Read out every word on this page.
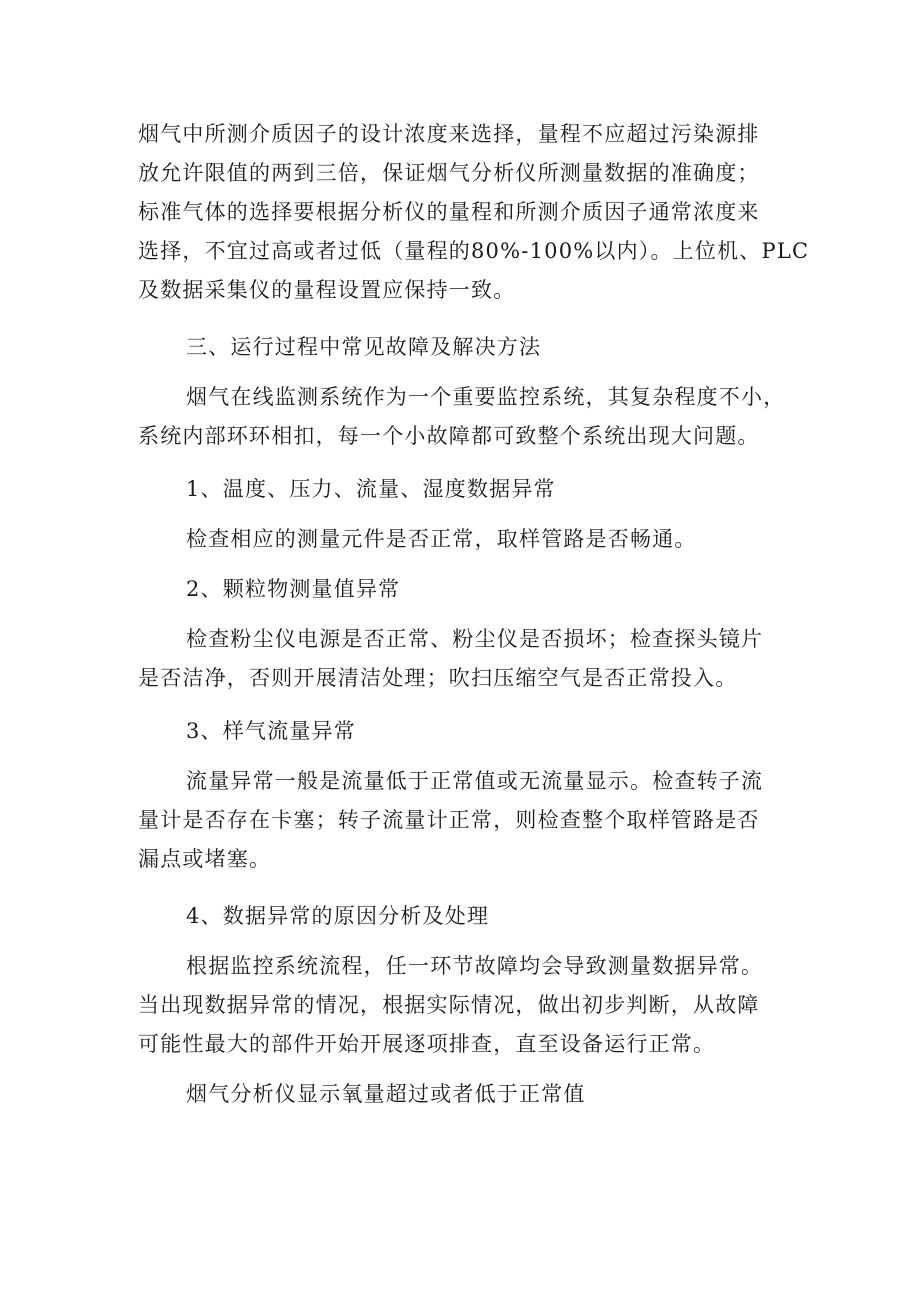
烟气中所测介质因子的设计浓度来选择，量程不应超过污染源排
放允许限值的两到三倍，保证烟气分析仪所测量数据的准确度；
标准气体的选择要根据分析仪的量程和所测介质因子通常浓度来
选择，不宜过高或者过低（量程的80%-100%以内）。上位机、PLC
及数据采集仪的量程设置应保持一致。
三、运行过程中常见故障及解决方法
烟气在线监测系统作为一个重要监控系统，其复杂程度不小，
系统内部环环相扣，每一个小故障都可致整个系统出现大问题。
1、温度、压力、流量、湿度数据异常
检查相应的测量元件是否正常，取样管路是否畅通。
2、颗粒物测量值异常
检查粉尘仪电源是否正常、粉尘仪是否损坏；检查探头镜片
是否洁净，否则开展清洁处理；吹扫压缩空气是否正常投入。
3、样气流量异常
流量异常一般是流量低于正常值或无流量显示。检查转子流
量计是否存在卡塞；转子流量计正常，则检查整个取样管路是否
漏点或堵塞。
4、数据异常的原因分析及处理
根据监控系统流程，任一环节故障均会导致测量数据异常。
当出现数据异常的情况，根据实际情况，做出初步判断，从故障
可能性最大的部件开始开展逐项排查，直至设备运行正常。
烟气分析仪显示氧量超过或者低于正常值
